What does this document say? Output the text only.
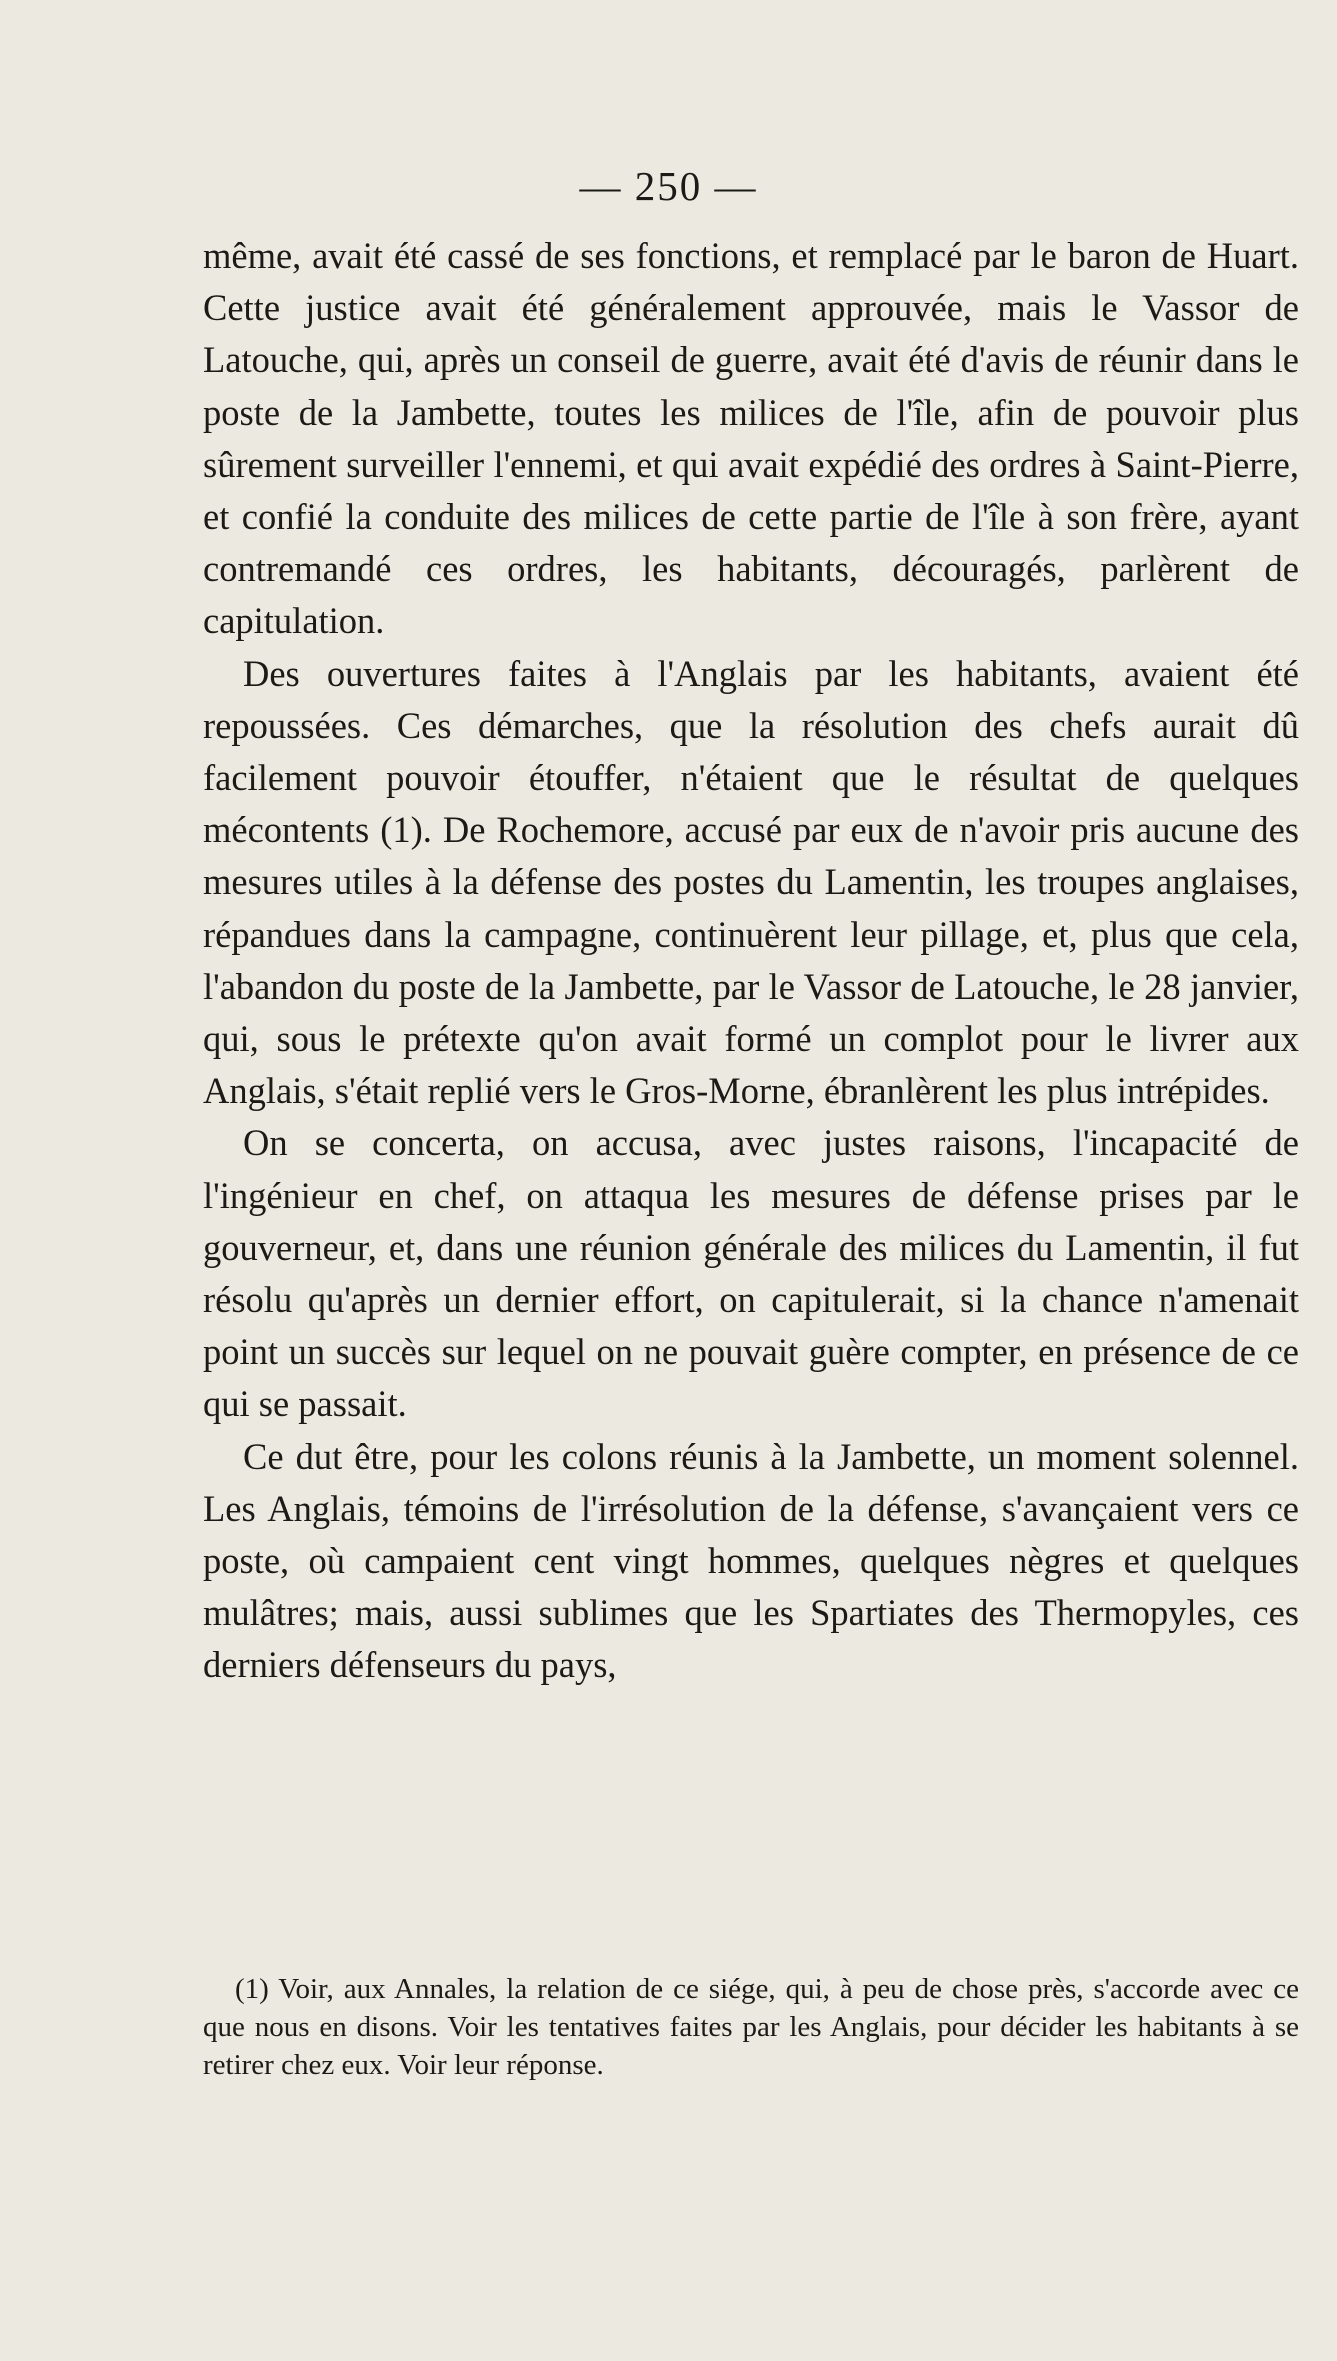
— 250 —

même, avait été cassé de ses fonctions, et remplacé par le baron de Huart. Cette justice avait été généralement approuvée, mais le Vassor de Latouche, qui, après un conseil de guerre, avait été d'avis de réunir dans le poste de la Jambette, toutes les milices de l'île, afin de pouvoir plus sûrement surveiller l'ennemi, et qui avait expédié des ordres à Saint-Pierre, et confié la conduite des milices de cette partie de l'île à son frère, ayant contremandé ces ordres, les habitants, découragés, parlèrent de capitulation.

Des ouvertures faites à l'Anglais par les habitants, avaient été repoussées. Ces démarches, que la résolution des chefs aurait dû facilement pouvoir étouffer, n'étaient que le résultat de quelques mécontents (1). De Rochemore, accusé par eux de n'avoir pris aucune des mesures utiles à la défense des postes du Lamentin, les troupes anglaises, répandues dans la campagne, continuèrent leur pillage, et, plus que cela, l'abandon du poste de la Jambette, par le Vassor de Latouche, le 28 janvier, qui, sous le prétexte qu'on avait formé un complot pour le livrer aux Anglais, s'était replié vers le Gros-Morne, ébranlèrent les plus intrépides.

On se concerta, on accusa, avec justes raisons, l'incapacité de l'ingénieur en chef, on attaqua les mesures de défense prises par le gouverneur, et, dans une réunion générale des milices du Lamentin, il fut résolu qu'après un dernier effort, on capitulerait, si la chance n'amenait point un succès sur lequel on ne pouvait guère compter, en présence de ce qui se passait.

Ce dut être, pour les colons réunis à la Jambette, un moment solennel. Les Anglais, témoins de l'irrésolution de la défense, s'avançaient vers ce poste, où campaient cent vingt hommes, quelques nègres et quelques mulâtres; mais, aussi sublimes que les Spartiates des Thermopyles, ces derniers défenseurs du pays,

(1) Voir, aux Annales, la relation de ce siége, qui, à peu de chose près, s'accorde avec ce que nous en disons. Voir les tentatives faites par les Anglais, pour décider les habitants à se retirer chez eux. Voir leur réponse.
